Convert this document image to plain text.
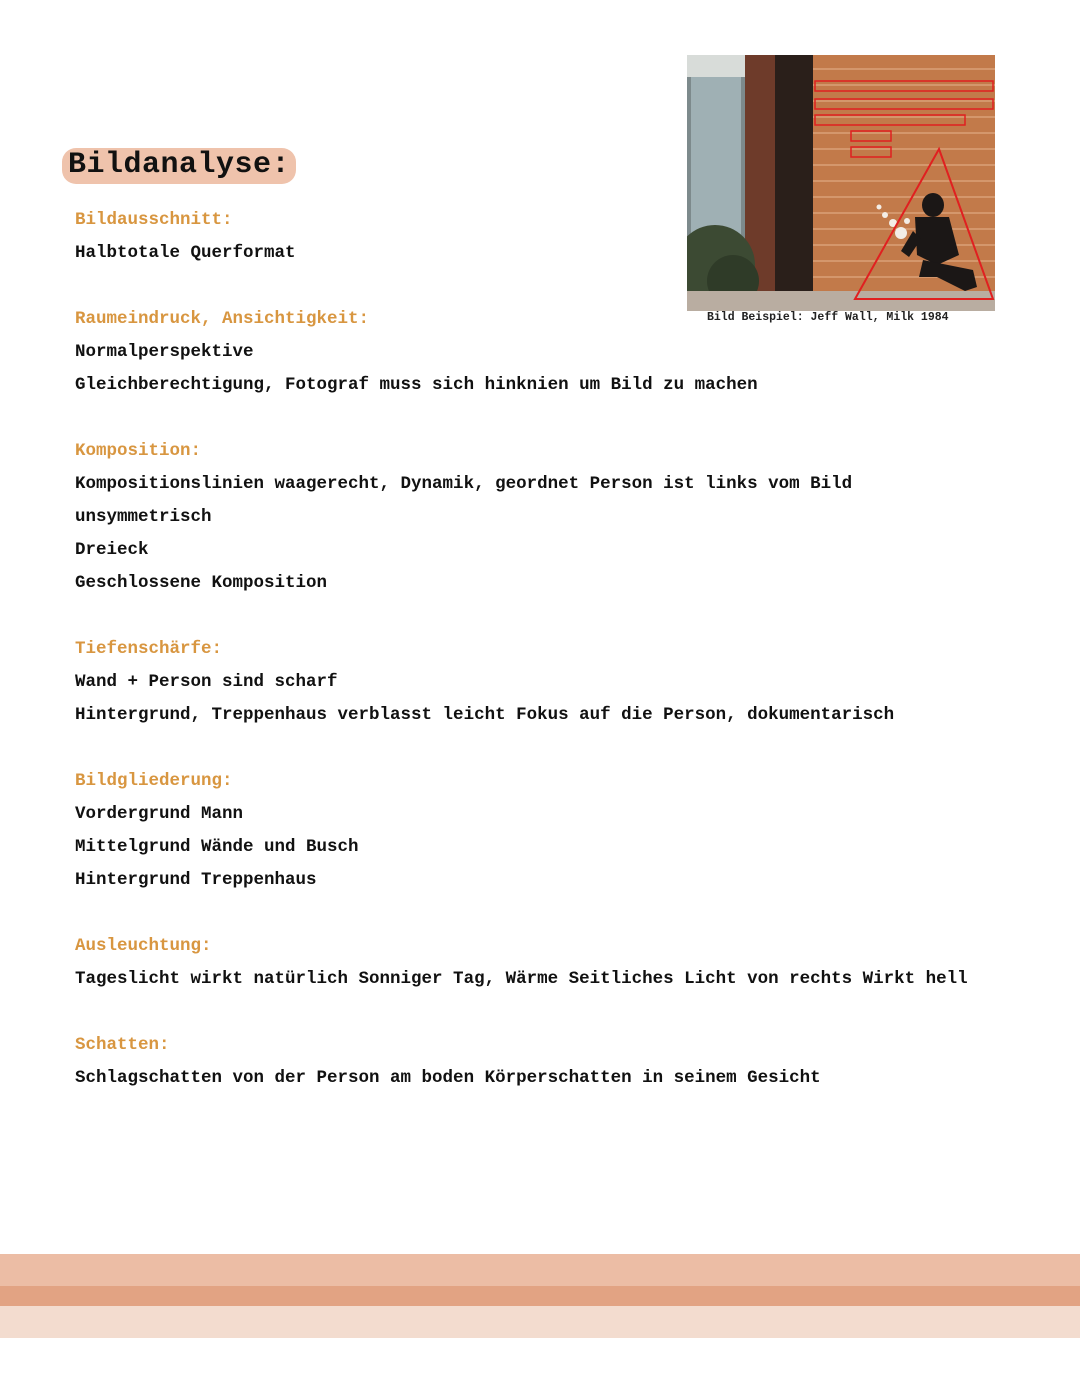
Bildanalyse:
Bild Beispiel: Jeff Wall, Milk 1984
Bildausschnitt:
Halbtotale Querformat
Raumeindruck, Ansichtigkeit:
Normalperspektive
Gleichberechtigung, Fotograf muss sich hinknien um Bild zu machen
Komposition:
Kompositionslinien waagerecht, Dynamik, geordnet Person ist links vom Bild
unsymmetrisch
Dreieck
Geschlossene Komposition
Tiefenschärfe:
Wand + Person sind scharf
Hintergrund, Treppenhaus verblasst leicht Fokus auf die Person, dokumentarisch
Bildgliederung:
Vordergrund Mann
Mittelgrund Wände und Busch
Hintergrund Treppenhaus
Ausleuchtung:
Tageslicht wirkt natürlich Sonniger Tag, Wärme Seitliches Licht von rechts Wirkt hell
Schatten:
Schlagschatten von der Person am boden Körperschatten in seinem Gesicht
